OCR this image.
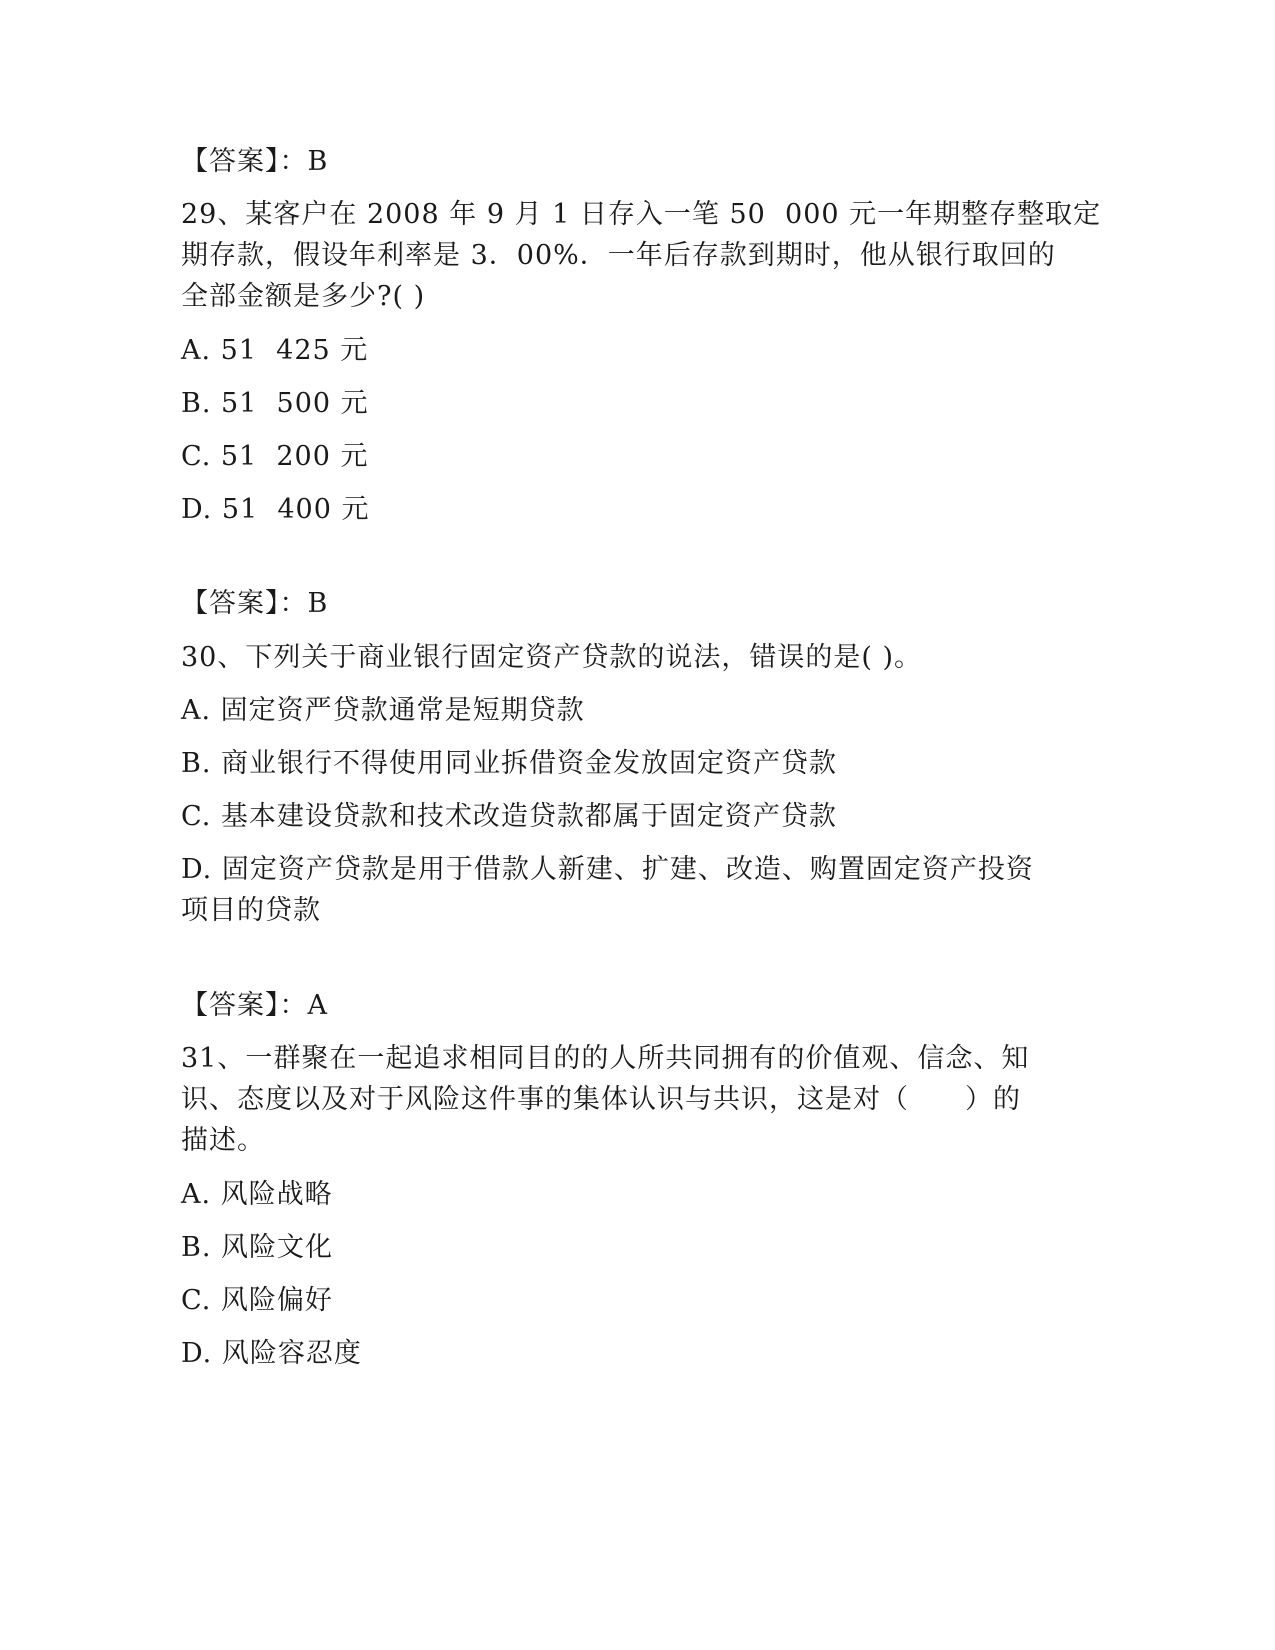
【答案】：B
29、某客户在 2008 年 9 月 1 日存入一笔 50  000 元一年期整存整取定
期存款，假设年利率是 3．00%．一年后存款到期时，他从银行取回的
全部金额是多少?( )
A. 51  425 元
B. 51  500 元
C. 51  200 元
D. 51  400 元
【答案】：B
30、下列关于商业银行固定资产贷款的说法，错误的是( )。
A. 固定资严贷款通常是短期贷款
B. 商业银行不得使用同业拆借资金发放固定资产贷款
C. 基本建设贷款和技术改造贷款都属于固定资产贷款
D. 固定资产贷款是用于借款人新建、扩建、改造、购置固定资产投资
项目的贷款
【答案】：A
31、一群聚在一起追求相同目的的人所共同拥有的价值观、信念、知
识、态度以及对于风险这件事的集体认识与共识，这是对（　　）的
描述。
A. 风险战略
B. 风险文化
C. 风险偏好
D. 风险容忍度
